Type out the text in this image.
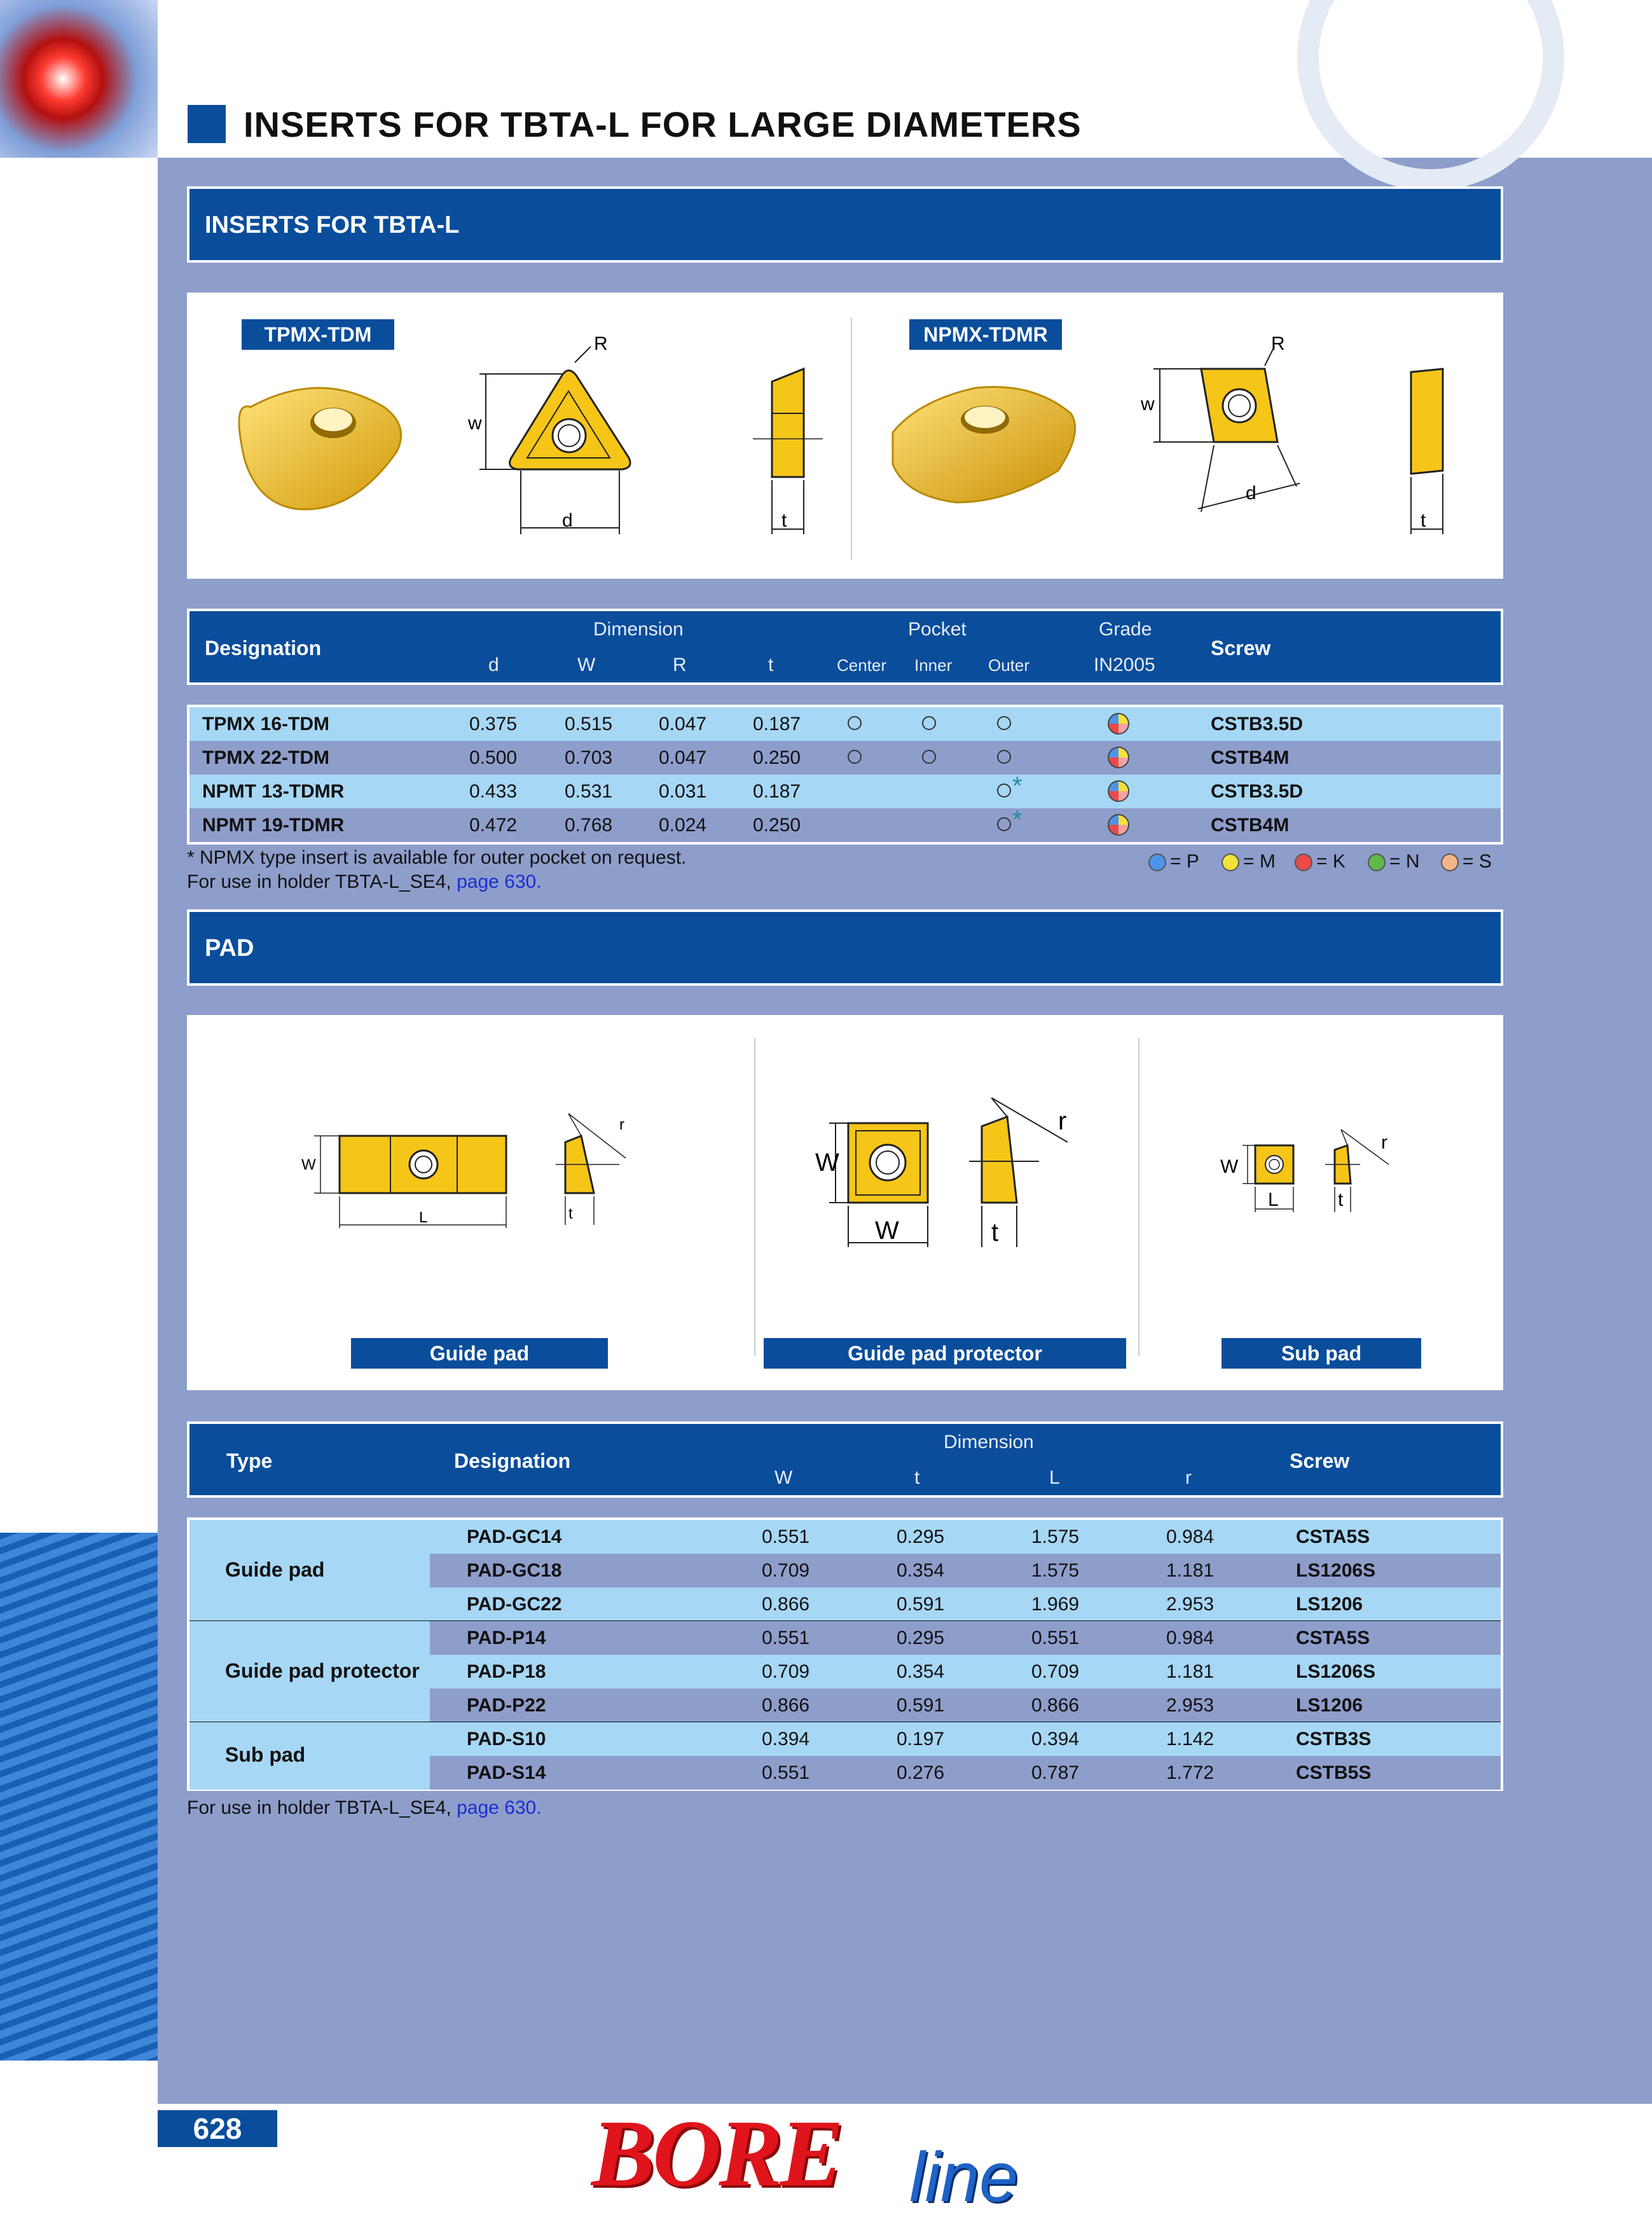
INSERTS FOR TBTA-L FOR LARGE DIAMETERS
INSERTS FOR TBTA-L
TPMX-TDM	NPMX-TDMR
R
w
d	t
R
w
d
t
Designation
Dimension	Pocket	Grade
Screw
d	W	R	t	Center Inner Outer	IN2005
TPMX 16-TDM	0.375 0.515 0.047 0.187	CSTB3.5D
TPMX 22-TDM	0.500 0.703 0.047 0.250	CSTB4M
NPMT 13-TDMR	0.433 0.531 0.031 0.187	CSTB3.5D
*
NPMT 19-TDMR	0.472 0.768 0.024 0.250	CSTB4M
*
* NPMX type insert is available for outer pocket on request.
For use in holder TBTA-L_SE4, page 630.
= P = M = K = N = S
PAD
W
L	t
r
W
W	t
r
W
L	t
r
Guide pad	Guide pad protector	Sub pad
Type	Designation
Dimension
W	t	L	r
Screw
Guide pad
PAD-GC14	0.551	0.295	1.575	0.984	CSTA5S
PAD-GC18	0.709	0.354	1.575	1.181	LS1206S
PAD-GC22	0.866	0.591	1.969	2.953	LS1206
Guide pad protector
PAD-P14	0.551	0.295	0.551	0.984	CSTA5S
PAD-P18	0.709	0.354	0.709	1.181	LS1206S
PAD-P22	0.866	0.591	0.866	2.953	LS1206
Sub pad
PAD-S10	0.394	0.197	0.394	1.142	CSTB3S
PAD-S14	0.551	0.276	0.787	1.772	CSTB5S
For use in holder TBTA-L_SE4, page 630.
628	BORE line
